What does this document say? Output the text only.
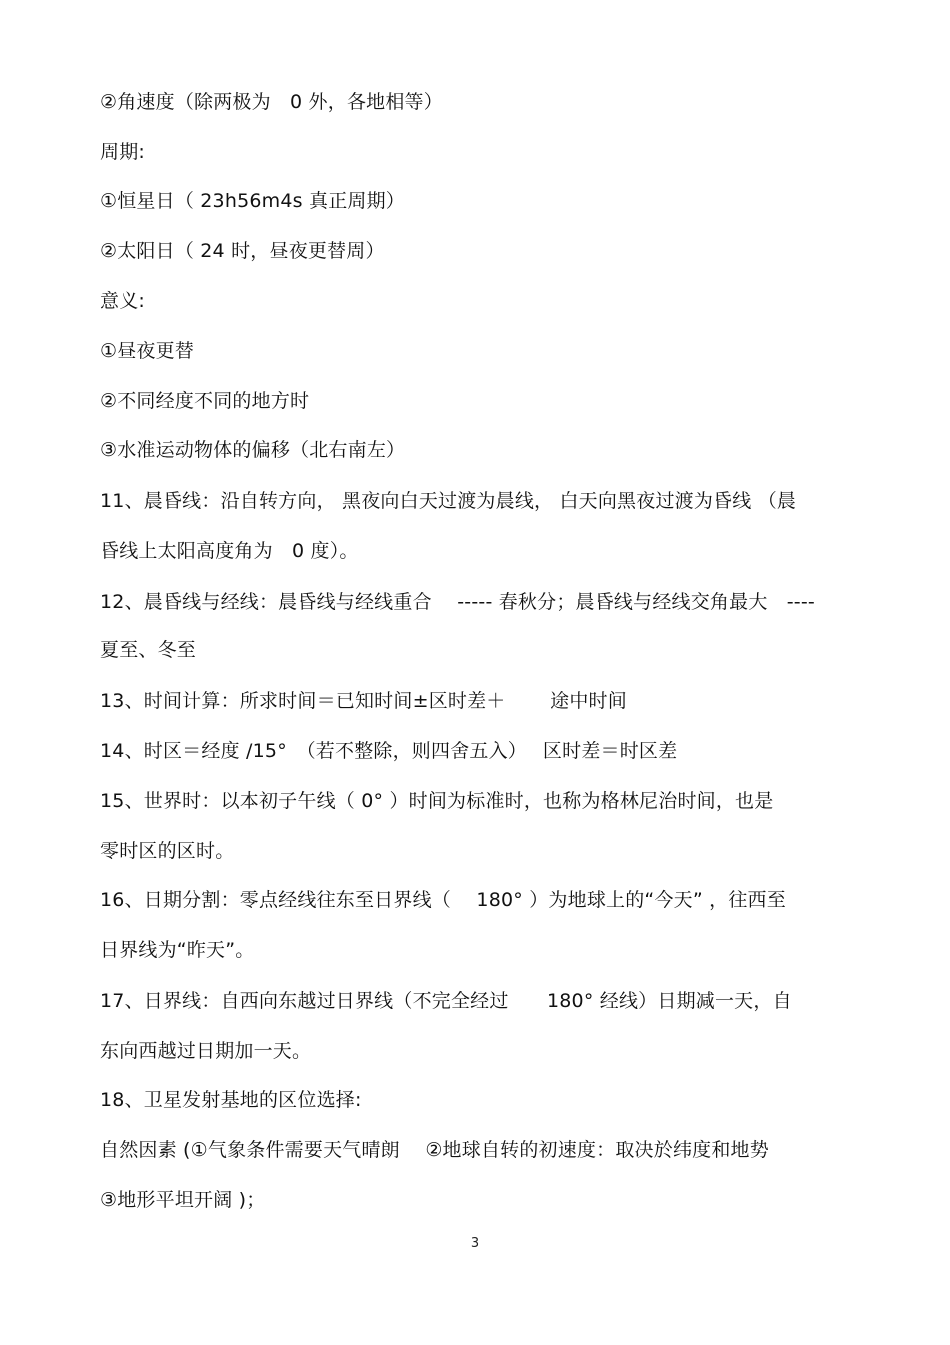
②角速度（除两极为　0 外，各地相等）
周期:
①恒星日（ 23h56m4s 真正周期）
②太阳日（ 24 时，昼夜更替周）
意义:
①昼夜更替
②不同经度不同的地方时
③水准运动物体的偏移（北右南左）
11、晨昏线：沿自转方向， 黑夜向白天过渡为晨线， 白天向黑夜过渡为昏线 （晨
昏线上太阳高度角为　0 度）。
12、晨昏线与经线：晨昏线与经线重合　 ----- 春秋分；晨昏线与经线交角最大　----
夏至、冬至
13、时间计算：所求时间＝已知时间±区时差＋　　 途中时间
14、时区＝经度 /15°　（若不整除，则四舍五入）　 区时差＝时区差
15、世界时：以本初子午线（ 0° ）时间为标准时，也称为格林尼治时间，也是
零时区的区时。
16、日期分割：零点经线往东至日界线（　 180° ）为地球上的“今天” ，往西至
日界线为“昨天”。
17、日界线：自西向东越过日界线（不完全经过　　180° 经线）日期减一天，自
东向西越过日期加一天。
18、卫星发射基地的区位选择:
自然因素 (①气象条件需要天气晴朗　 ②地球自转的初速度：取决於纬度和地势
③地形平坦开阔 )；
3
